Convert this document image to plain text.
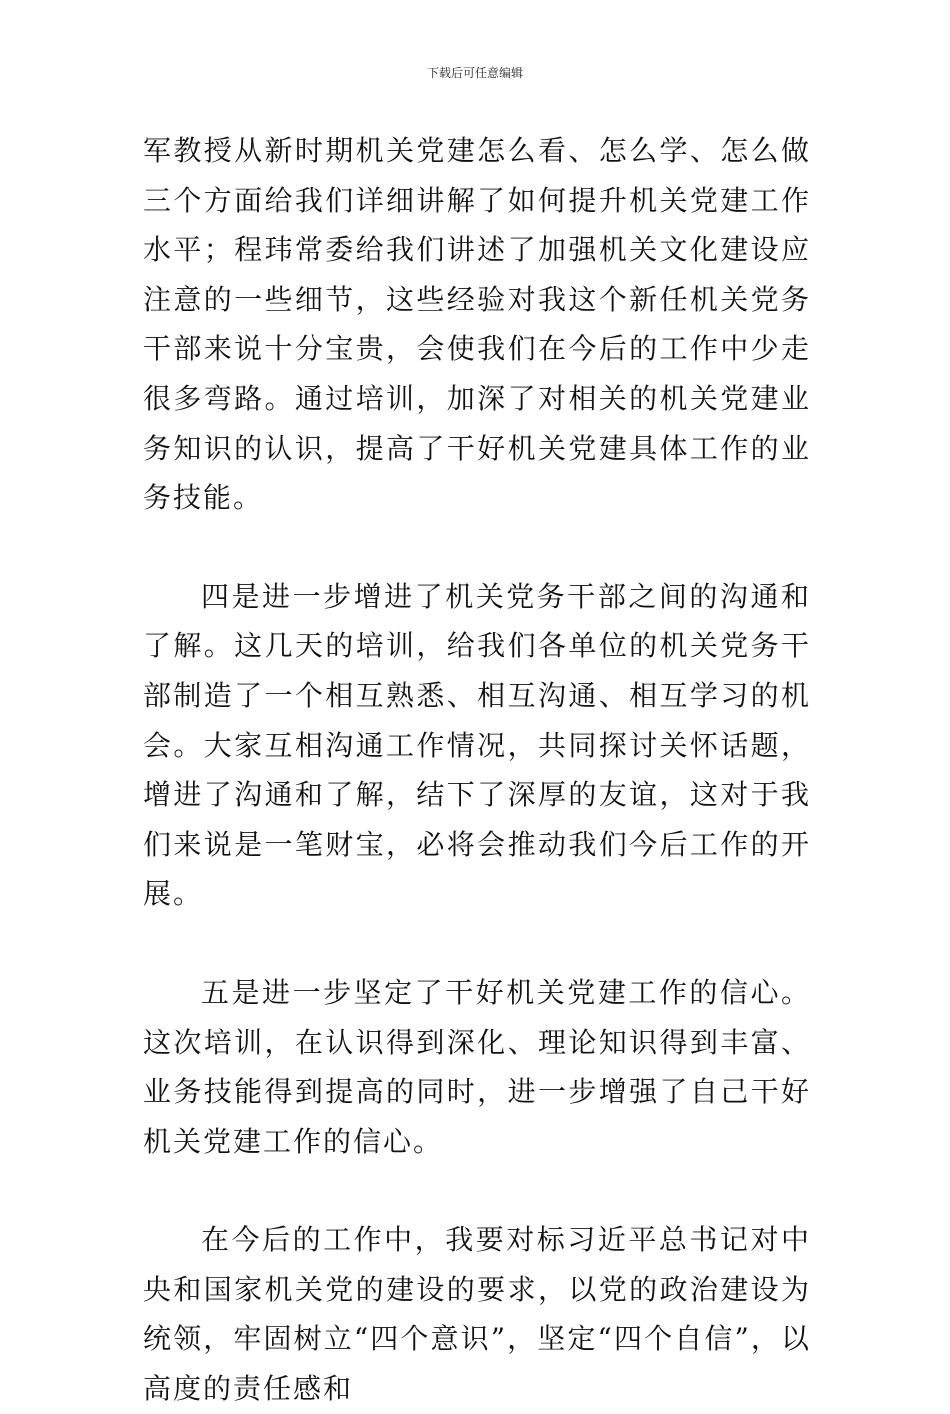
下载后可任意编辑

军教授从新时期机关党建怎么看、怎么学、怎么做三个方面给我们详细讲解了如何提升机关党建工作水平；程玮常委给我们讲述了加强机关文化建设应注意的一些细节，这些经验对我这个新任机关党务干部来说十分宝贵，会使我们在今后的工作中少走很多弯路。通过培训，加深了对相关的机关党建业务知识的认识，提高了干好机关党建具体工作的业务技能。

四是进一步增进了机关党务干部之间的沟通和了解。这几天的培训，给我们各单位的机关党务干部制造了一个相互熟悉、相互沟通、相互学习的机会。大家互相沟通工作情况，共同探讨关怀话题，增进了沟通和了解，结下了深厚的友谊，这对于我们来说是一笔财宝，必将会推动我们今后工作的开展。

五是进一步坚定了干好机关党建工作的信心。这次培训，在认识得到深化、理论知识得到丰富、业务技能得到提高的同时，进一步增强了自己干好机关党建工作的信心。

在今后的工作中，我要对标习近平总书记对中央和国家机关党的建设的要求，以党的政治建设为统领，牢固树立“四个意识”，坚定“四个自信”，以高度的责任感和
